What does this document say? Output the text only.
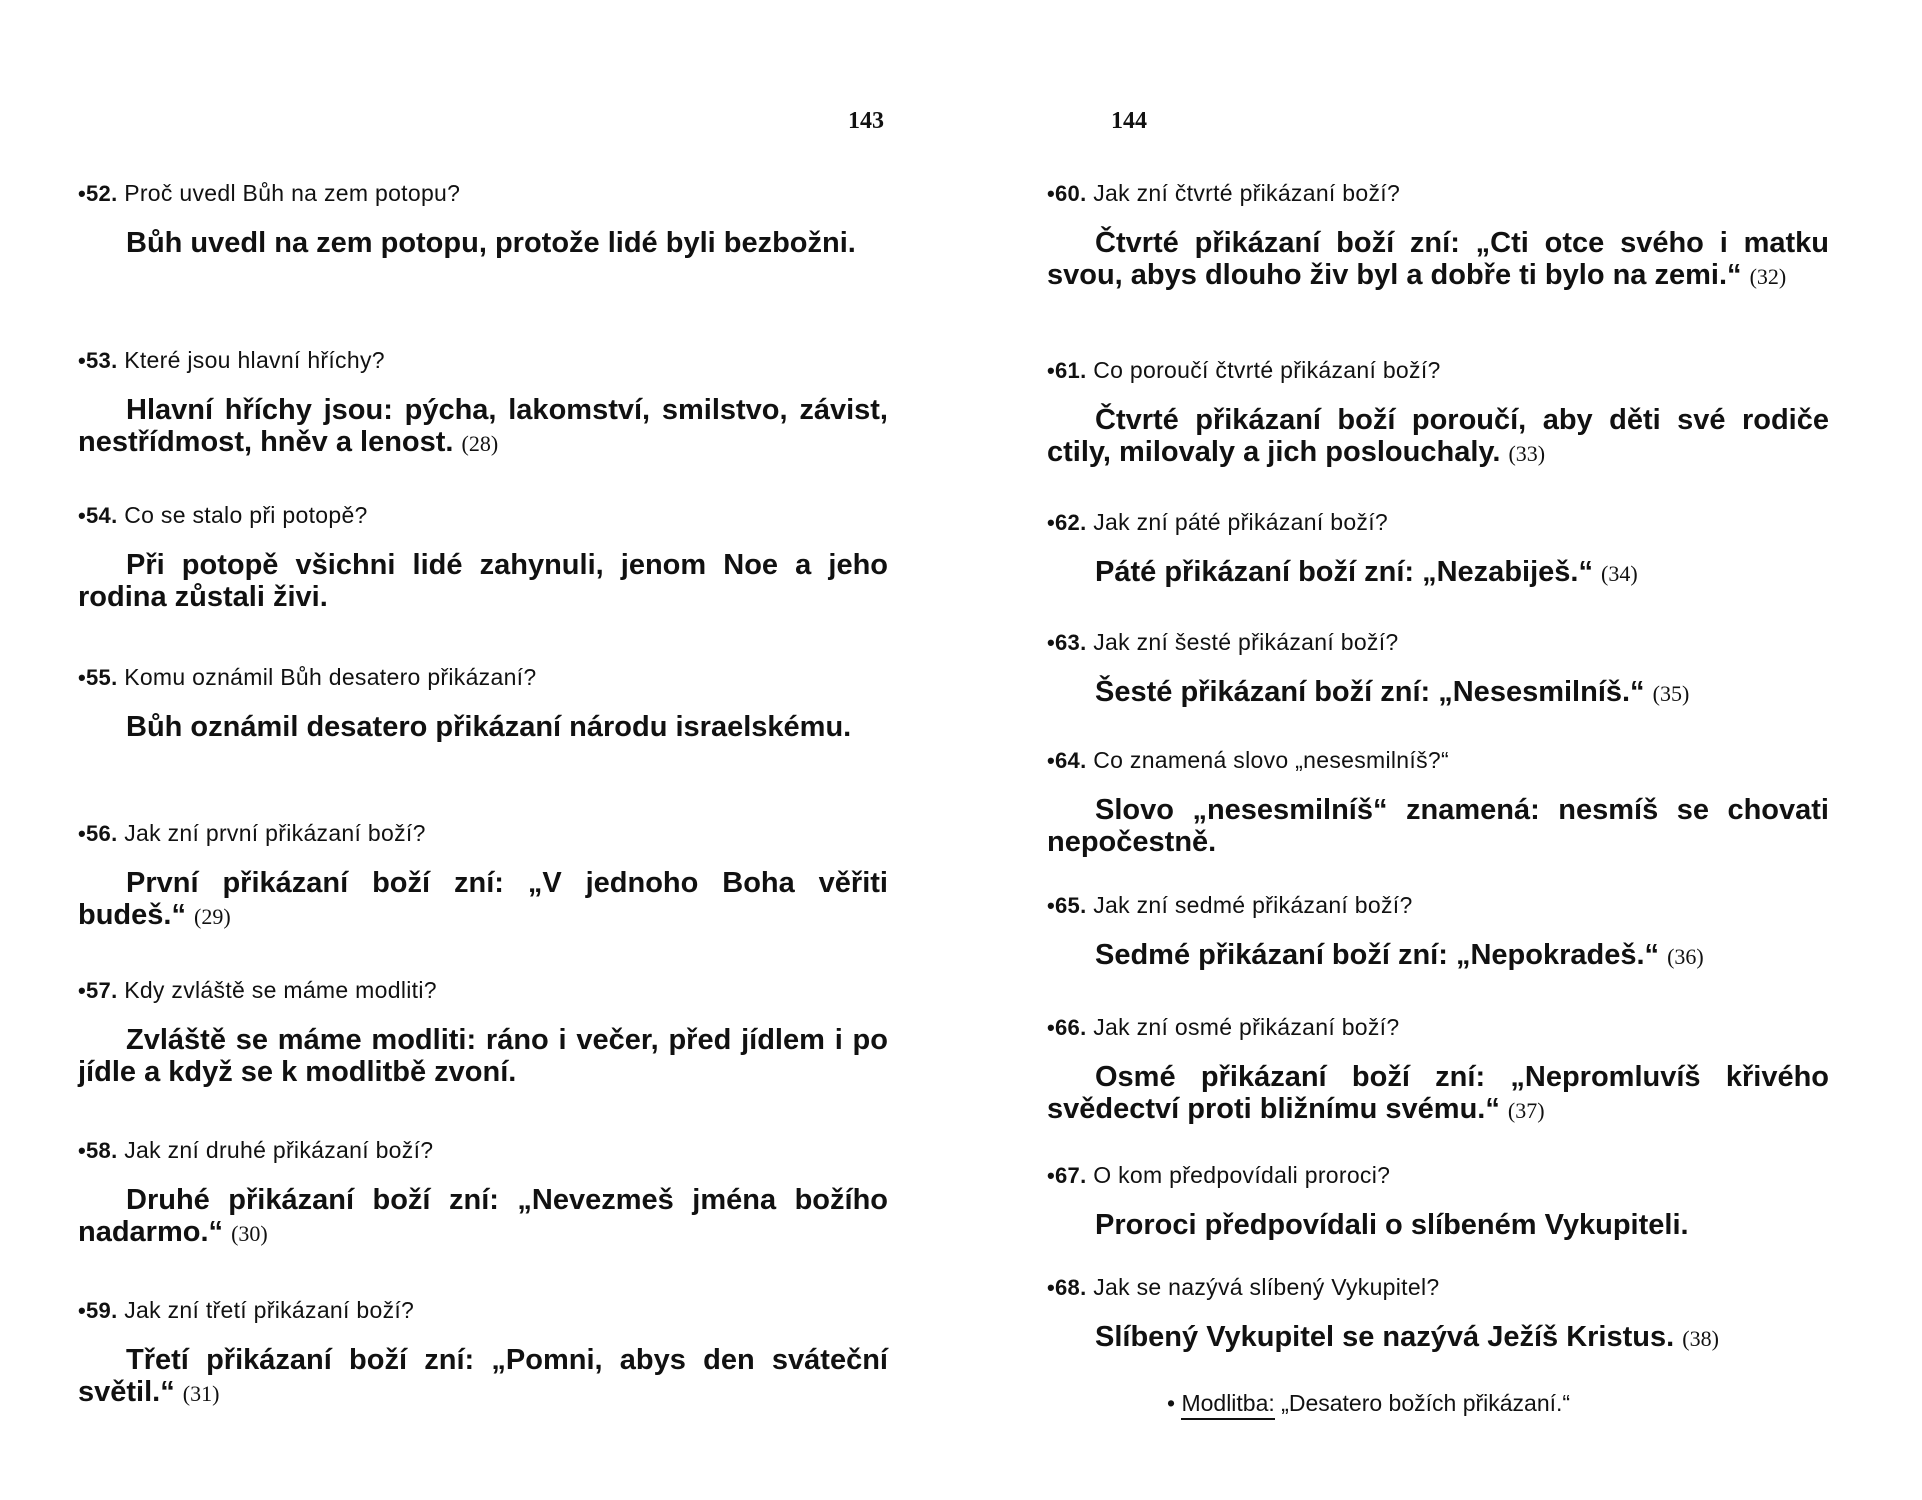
143
•52. Proč uvedl Bůh na zem potopu?
Bůh uvedl na zem potopu, protože lidé byli bezbožni.
•53. Které jsou hlavní hříchy?
Hlavní hříchy jsou: pýcha, lakomství, smilstvo, závist, nestřídmost, hněv a lenost. (28)
•54. Co se stalo při potopě?
Při potopě všichni lidé zahynuli, jenom Noe a jeho rodina zůstali živi.
•55. Komu oznámil Bůh desatero přikázaní?
Bůh oznámil desatero přikázaní národu israelskému.
•56. Jak zní první přikázaní boží?
První přikázaní boží zní: „V jednoho Boha věřiti budeš.“ (29)
•57. Kdy zvláště se máme modliti?
Zvláště se máme modliti: ráno i večer, před jídlem i po jídle a když se k modlitbě zvoní.
•58. Jak zní druhé přikázaní boží?
Druhé přikázaní boží zní: „Nevezmeš jména božího nadarmo.“ (30)
•59. Jak zní třetí přikázaní boží?
Třetí přikázaní boží zní: „Pomni, abys den sváteční světil.“ (31)
144
•60. Jak zní čtvrté přikázaní boží?
Čtvrté přikázaní boží zní: „Cti otce svého i matku svou, abys dlouho živ byl a dobře ti bylo na zemi.“ (32)
•61. Co poroučí čtvrté přikázaní boží?
Čtvrté přikázaní boží poroučí, aby děti své rodiče ctily, milovaly a jich poslouchaly. (33)
•62. Jak zní páté přikázaní boží?
Páté přikázaní boží zní: „Nezabiješ.“ (34)
•63. Jak zní šesté přikázaní boží?
Šesté přikázaní boží zní: „Nesesmilníš.“ (35)
•64. Co znamená slovo „nesesmilníš?“
Slovo „nesesmilníš“ znamená: nesmíš se chovati nepočestně.
•65. Jak zní sedmé přikázaní boží?
Sedmé přikázaní boží zní: „Nepokradeš.“ (36)
•66. Jak zní osmé přikázaní boží?
Osmé přikázaní boží zní: „Nepromluvíš křivého svědectví proti bližnímu svému.“ (37)
•67. O kom předpovídali proroci?
Proroci předpovídali o slíbeném Vykupiteli.
•68. Jak se nazývá slíbený Vykupitel?
Slíbený Vykupitel se nazývá Ježíš Kristus. (38)
• Modlitba: „Desatero božích přikázaní.“
